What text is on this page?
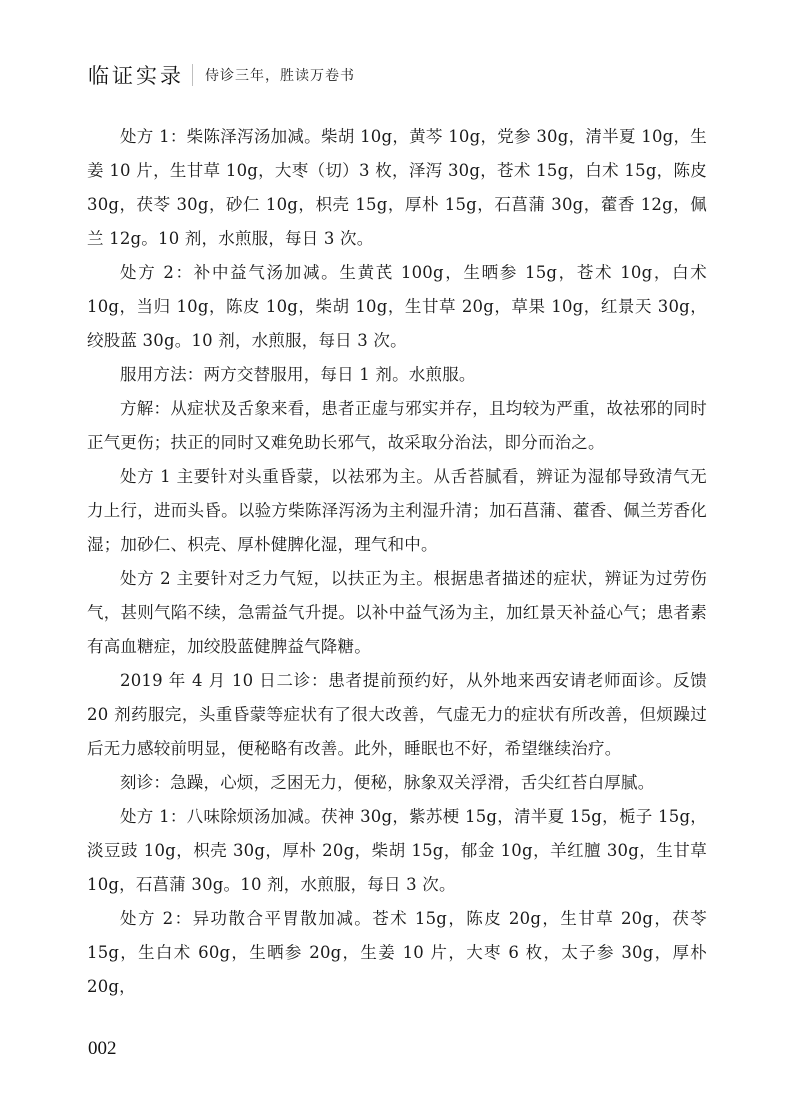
临证实录 侍诊三年，胜读万卷书

处方 1：柴陈泽泻汤加减。柴胡 10g，黄芩 10g，党参 30g，清半夏 10g，生姜 10 片，生甘草 10g，大枣（切）3 枚，泽泻 30g，苍术 15g，白术 15g，陈皮 30g，茯苓 30g，砂仁 10g，枳壳 15g，厚朴 15g，石菖蒲 30g，藿香 12g，佩兰 12g。10 剂，水煎服，每日 3 次。

处方 2：补中益气汤加减。生黄芪 100g，生晒参 15g，苍术 10g，白术 10g，当归 10g，陈皮 10g，柴胡 10g，生甘草 20g，草果 10g，红景天 30g，绞股蓝 30g。10 剂，水煎服，每日 3 次。

服用方法：两方交替服用，每日 1 剂。水煎服。

方解：从症状及舌象来看，患者正虚与邪实并存，且均较为严重，故祛邪的同时正气更伤；扶正的同时又难免助长邪气，故采取分治法，即分而治之。

处方 1 主要针对头重昏蒙，以祛邪为主。从舌苔腻看，辨证为湿郁导致清气无力上行，进而头昏。以验方柴陈泽泻汤为主利湿升清；加石菖蒲、藿香、佩兰芳香化湿；加砂仁、枳壳、厚朴健脾化湿，理气和中。

处方 2 主要针对乏力气短，以扶正为主。根据患者描述的症状，辨证为过劳伤气，甚则气陷不续，急需益气升提。以补中益气汤为主，加红景天补益心气；患者素有高血糖症，加绞股蓝健脾益气降糖。

2019 年 4 月 10 日二诊：患者提前预约好，从外地来西安请老师面诊。反馈 20 剂药服完，头重昏蒙等症状有了很大改善，气虚无力的症状有所改善，但烦躁过后无力感较前明显，便秘略有改善。此外，睡眠也不好，希望继续治疗。

刻诊：急躁，心烦，乏困无力，便秘，脉象双关浮滑，舌尖红苔白厚腻。

处方 1：八味除烦汤加减。茯神 30g，紫苏梗 15g，清半夏 15g，栀子 15g，淡豆豉 10g，枳壳 30g，厚朴 20g，柴胡 15g，郁金 10g，羊红膻 30g，生甘草 10g，石菖蒲 30g。10 剂，水煎服，每日 3 次。

处方 2：异功散合平胃散加减。苍术 15g，陈皮 20g，生甘草 20g，茯苓 15g，生白术 60g，生晒参 20g，生姜 10 片，大枣 6 枚，太子参 30g，厚朴 20g，

002
